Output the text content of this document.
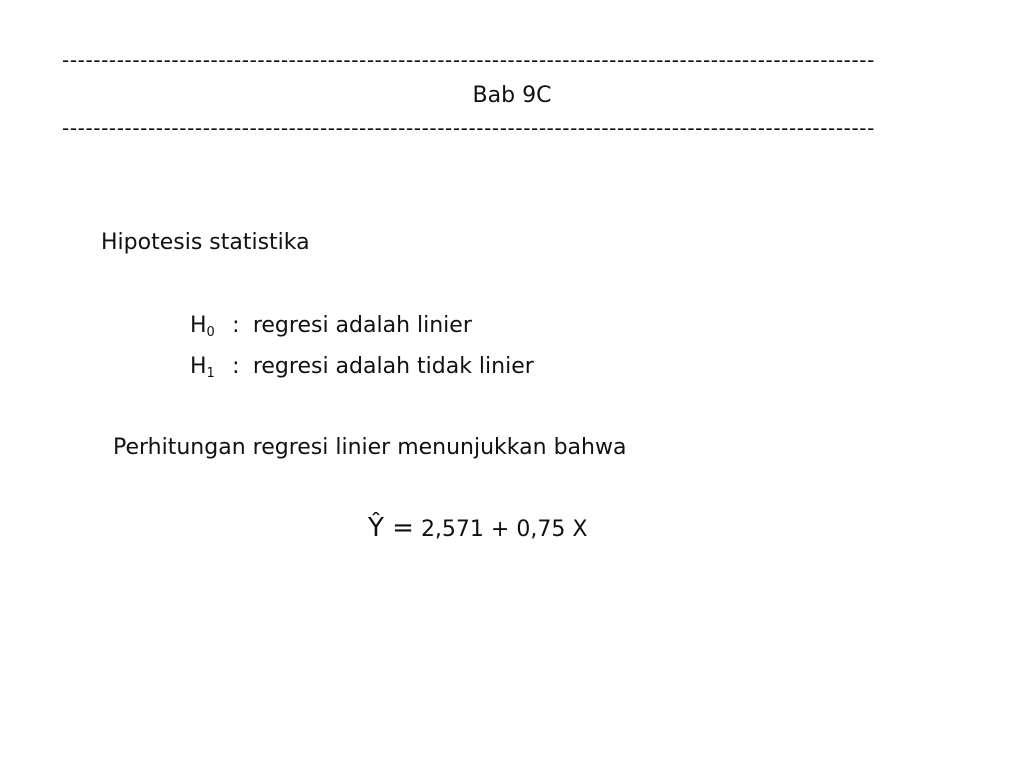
--------------------------------------------------------------------------------------------------------
Bab 9C
--------------------------------------------------------------------------------------------------------
Hipotesis statistika
$H_0$ : regresi adalah linier
$H_1$ : regresi adalah tidak linier
Perhitungan regresi linier menunjukkan bahwa
Ŷ = 2,571 + 0,75 X
